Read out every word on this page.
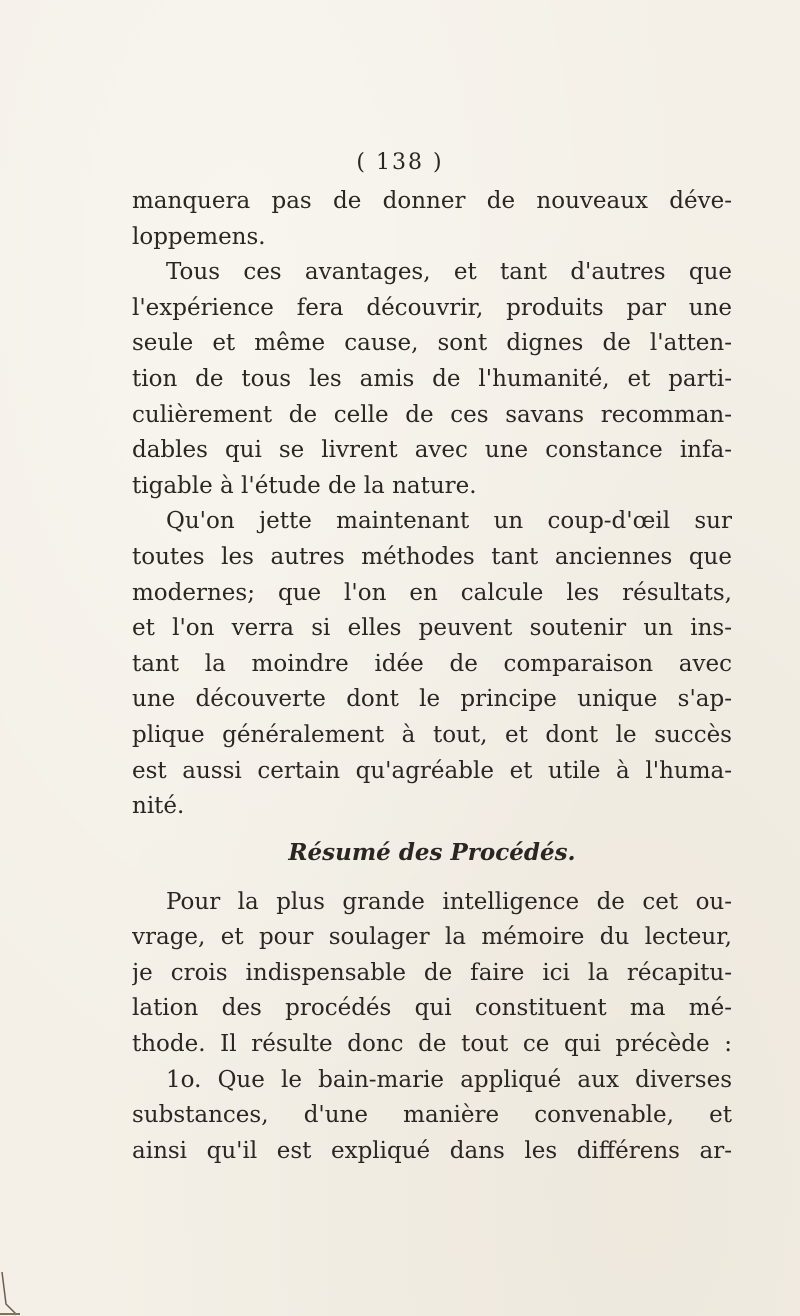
( 138 )
manquera pas de donner de nouveaux déve-
loppemens.
Tous ces avantages, et tant d'autres que
l'expérience fera découvrir, produits par une
seule et même cause, sont dignes de l'atten-
tion de tous les amis de l'humanité, et parti-
culièrement de celle de ces savans recomman-
dables qui se livrent avec une constance infa-
tigable à l'étude de la nature.
Qu'on jette maintenant un coup-d'œil sur
toutes les autres méthodes tant anciennes que
modernes; que l'on en calcule les résultats,
et l'on verra si elles peuvent soutenir un ins-
tant la moindre idée de comparaison avec
une découverte dont le principe unique s'ap-
plique généralement à tout, et dont le succès
est aussi certain qu'agréable et utile à l'huma-
nité.
Résumé des Procédés.
Pour la plus grande intelligence de cet ou-
vrage, et pour soulager la mémoire du lecteur,
je crois indispensable de faire ici la récapitu-
lation des procédés qui constituent ma mé-
thode. Il résulte donc de tout ce qui précède :
1o. Que le bain-marie appliqué aux diverses
substances, d'une manière convenable, et
ainsi qu'il est expliqué dans les différens ar-
